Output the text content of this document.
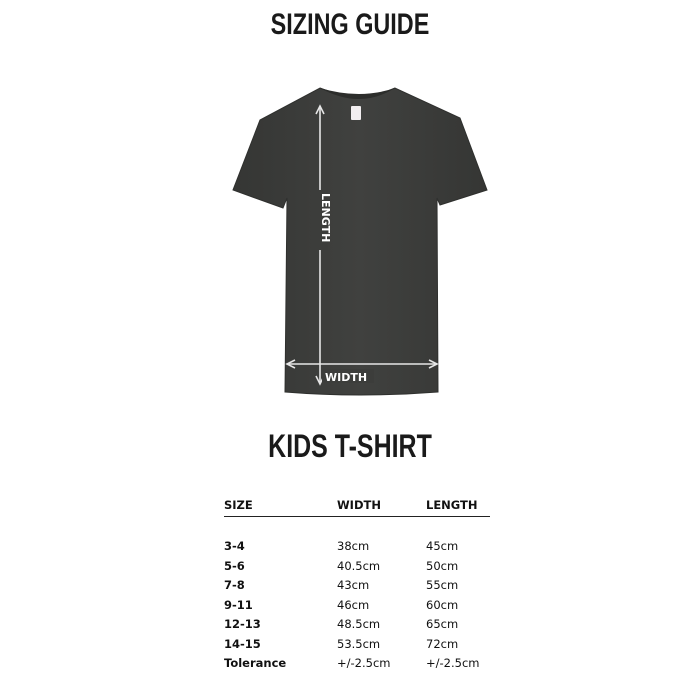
SIZING GUIDE
LENGTH
WIDTH
KIDS T-SHIRT
SIZE	WIDTH	LENGTH
3-4	38cm	45cm
5-6	40.5cm	50cm
7-8	43cm	55cm
9-11	46cm	60cm
12-13	48.5cm	65cm
14-15	53.5cm	72cm
Tolerance	+/-2.5cm	+/-2.5cm
